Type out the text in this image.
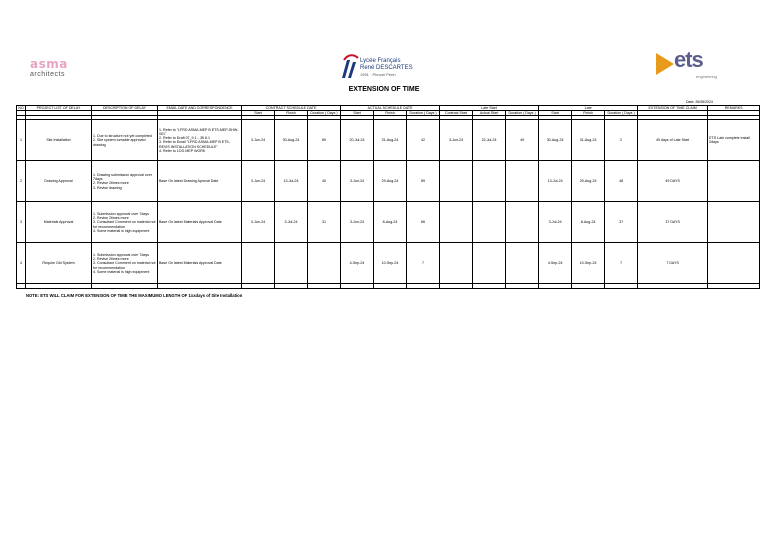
asma
architects
Lycée Français
René DESCARTES
1951 · Phnom Penh
ets
engineering
EXTENSION OF TIME
Date: 26/08/2024
NO	PROJECT LIST OF DELAY	DESCRIPTION OF DELAY	EMAIL DATE AND CORRESPONDENCE	CONTRACT SCHEDULE DATE			ACTUAL SCHEDULE DATE			Late Start			Late			EXTENSION OF TIME CLAIM	REMARKS
				Start	Finish	Duration ( Days )	Start	Finish	Duration ( Days )	Contract Start	Actual Start	Duration ( Days )	Start	Finish	Duration ( Days )		

1	Site Installation	1. Due to structure not yet completed
2. Site system turnable approved
drawing	1. Refer to "LFRD ASMA-MEP B ETS-MEP-SHW-001"
2. Refer to Draft 07_9.1 - JB 8.1
3. Refer to Email "LFRD ASMA-MEP B ETS-REVIS INSTALLATION SCHEDULE"
4. Refer to LOG MEP WORK	3-Jun-24	30-Aug-24	89	20-Jul-24	31-Aug-24	42	3-Jun-24	22-Jul-24	49	30-Aug-24	31-Aug-24	2	49 days of Late Start	ETS Late complete install 2days
2	Drawing Approval	1. Drawing submission approval over 7days
2. Revise 2times more
3. Revise drawing	Base On latest Drawing Aproval Date	3-Jun-24	13-Jul-24	40	3-Jun-24	29-Aug-24	89				13-Jul-24	29-Aug-24	48	49 DAYS	
3	Materials Approval	1. Submission approval over 7days
2. Revise 2times more
3. Consultant Comment on material not for recommendation
4. Some material is high equipment	Base On latest Materials Approval Date	3-Jun-24	3-Jul-24	31	3-Jun-24	8-Aug-24	66				3-Jul-24	8-Aug-24	37	37 DAYS	
4	Require Old System	1. Submission approval over 7days
2. Revise 2times more
3. Consultant Comment on material not for recommendation
4. Some material is high equipment	Base On latest Materials Approval Date				4-Sep-24	10-Sep-24	7				4-Sep-24	10-Sep-24	7	7 DAYS	

NOTE: ETS WILL CLAIM FOR EXTENSION OF TIME THE MAXIMUMO LENGTH OF 1xxdays of Site Installation
